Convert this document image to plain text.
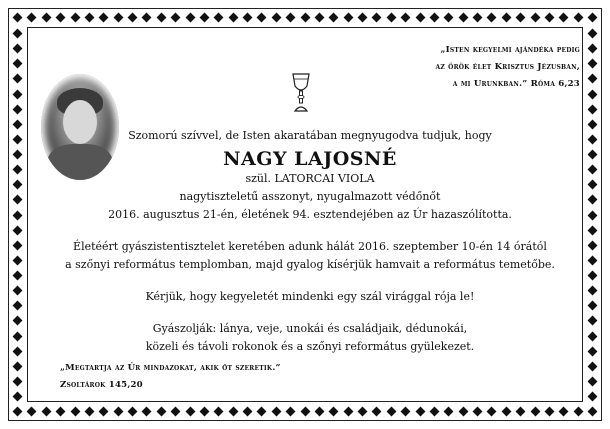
„Isten kegyelmi ajándéka pedig
az örök élet Krisztus Jézusban,
a mi Urunkban.” Róma 6,23
Szomorú szívvel, de Isten akaratában megnyugodva tudjuk, hogy
NAGY LAJOSNÉ
szül. LATORCAI VIOLA
nagytiszteletű asszonyt, nyugalmazott védőnőt
2016. augusztus 21-én, életének 94. esztendejében az Úr hazaszólította.
Életéért gyászistentisztelet keretében adunk hálát 2016. szeptember 10-én 14 órától
a szőnyi református templomban, majd gyalog kísérjük hamvait a református temetőbe.
Kérjük, hogy kegyeletét mindenki egy szál virággal rója le!
Gyászolják: lánya, veje, unokái és családjaik, dédunokái,
közeli és távoli rokonok és a szőnyi református gyülekezet.
„Megtartja az Úr mindazokat, akik őt szeretik.”
Zsoltárok 145,20
